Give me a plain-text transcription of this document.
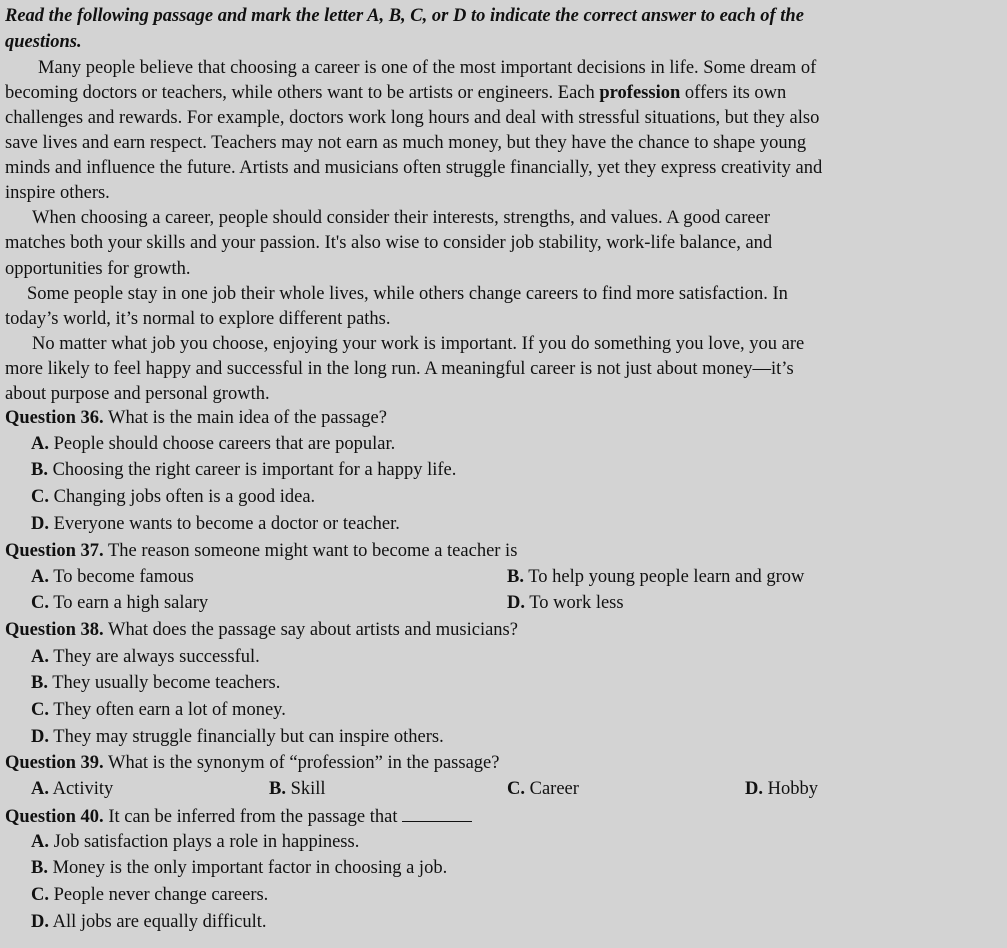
Read the following passage and mark the letter A, B, C, or D to indicate the correct answer to each of the
questions.
Many people believe that choosing a career is one of the most important decisions in life. Some dream of
becoming doctors or teachers, while others want to be artists or engineers. Each profession offers its own
challenges and rewards. For example, doctors work long hours and deal with stressful situations, but they also
save lives and earn respect. Teachers may not earn as much money, but they have the chance to shape young
minds and influence the future. Artists and musicians often struggle financially, yet they express creativity and
inspire others.
When choosing a career, people should consider their interests, strengths, and values. A good career
matches both your skills and your passion. It's also wise to consider job stability, work-life balance, and
opportunities for growth.
Some people stay in one job their whole lives, while others change careers to find more satisfaction. In
today’s world, it’s normal to explore different paths.
No matter what job you choose, enjoying your work is important. If you do something you love, you are
more likely to feel happy and successful in the long run. A meaningful career is not just about money—it’s
about purpose and personal growth.
Question 36. What is the main idea of the passage?
A. People should choose careers that are popular.
B. Choosing the right career is important for a happy life.
C. Changing jobs often is a good idea.
D. Everyone wants to become a doctor or teacher.
Question 37. The reason someone might want to become a teacher is
A. To become famous	B. To help young people learn and grow
C. To earn a high salary	D. To work less
Question 38. What does the passage say about artists and musicians?
A. They are always successful.
B. They usually become teachers.
C. They often earn a lot of money.
D. They may struggle financially but can inspire others.
Question 39. What is the synonym of “profession” in the passage?
A. Activity	B. Skill	C. Career	D. Hobby
Question 40. It can be inferred from the passage that
A. Job satisfaction plays a role in happiness.
B. Money is the only important factor in choosing a job.
C. People never change careers.
D. All jobs are equally difficult.
